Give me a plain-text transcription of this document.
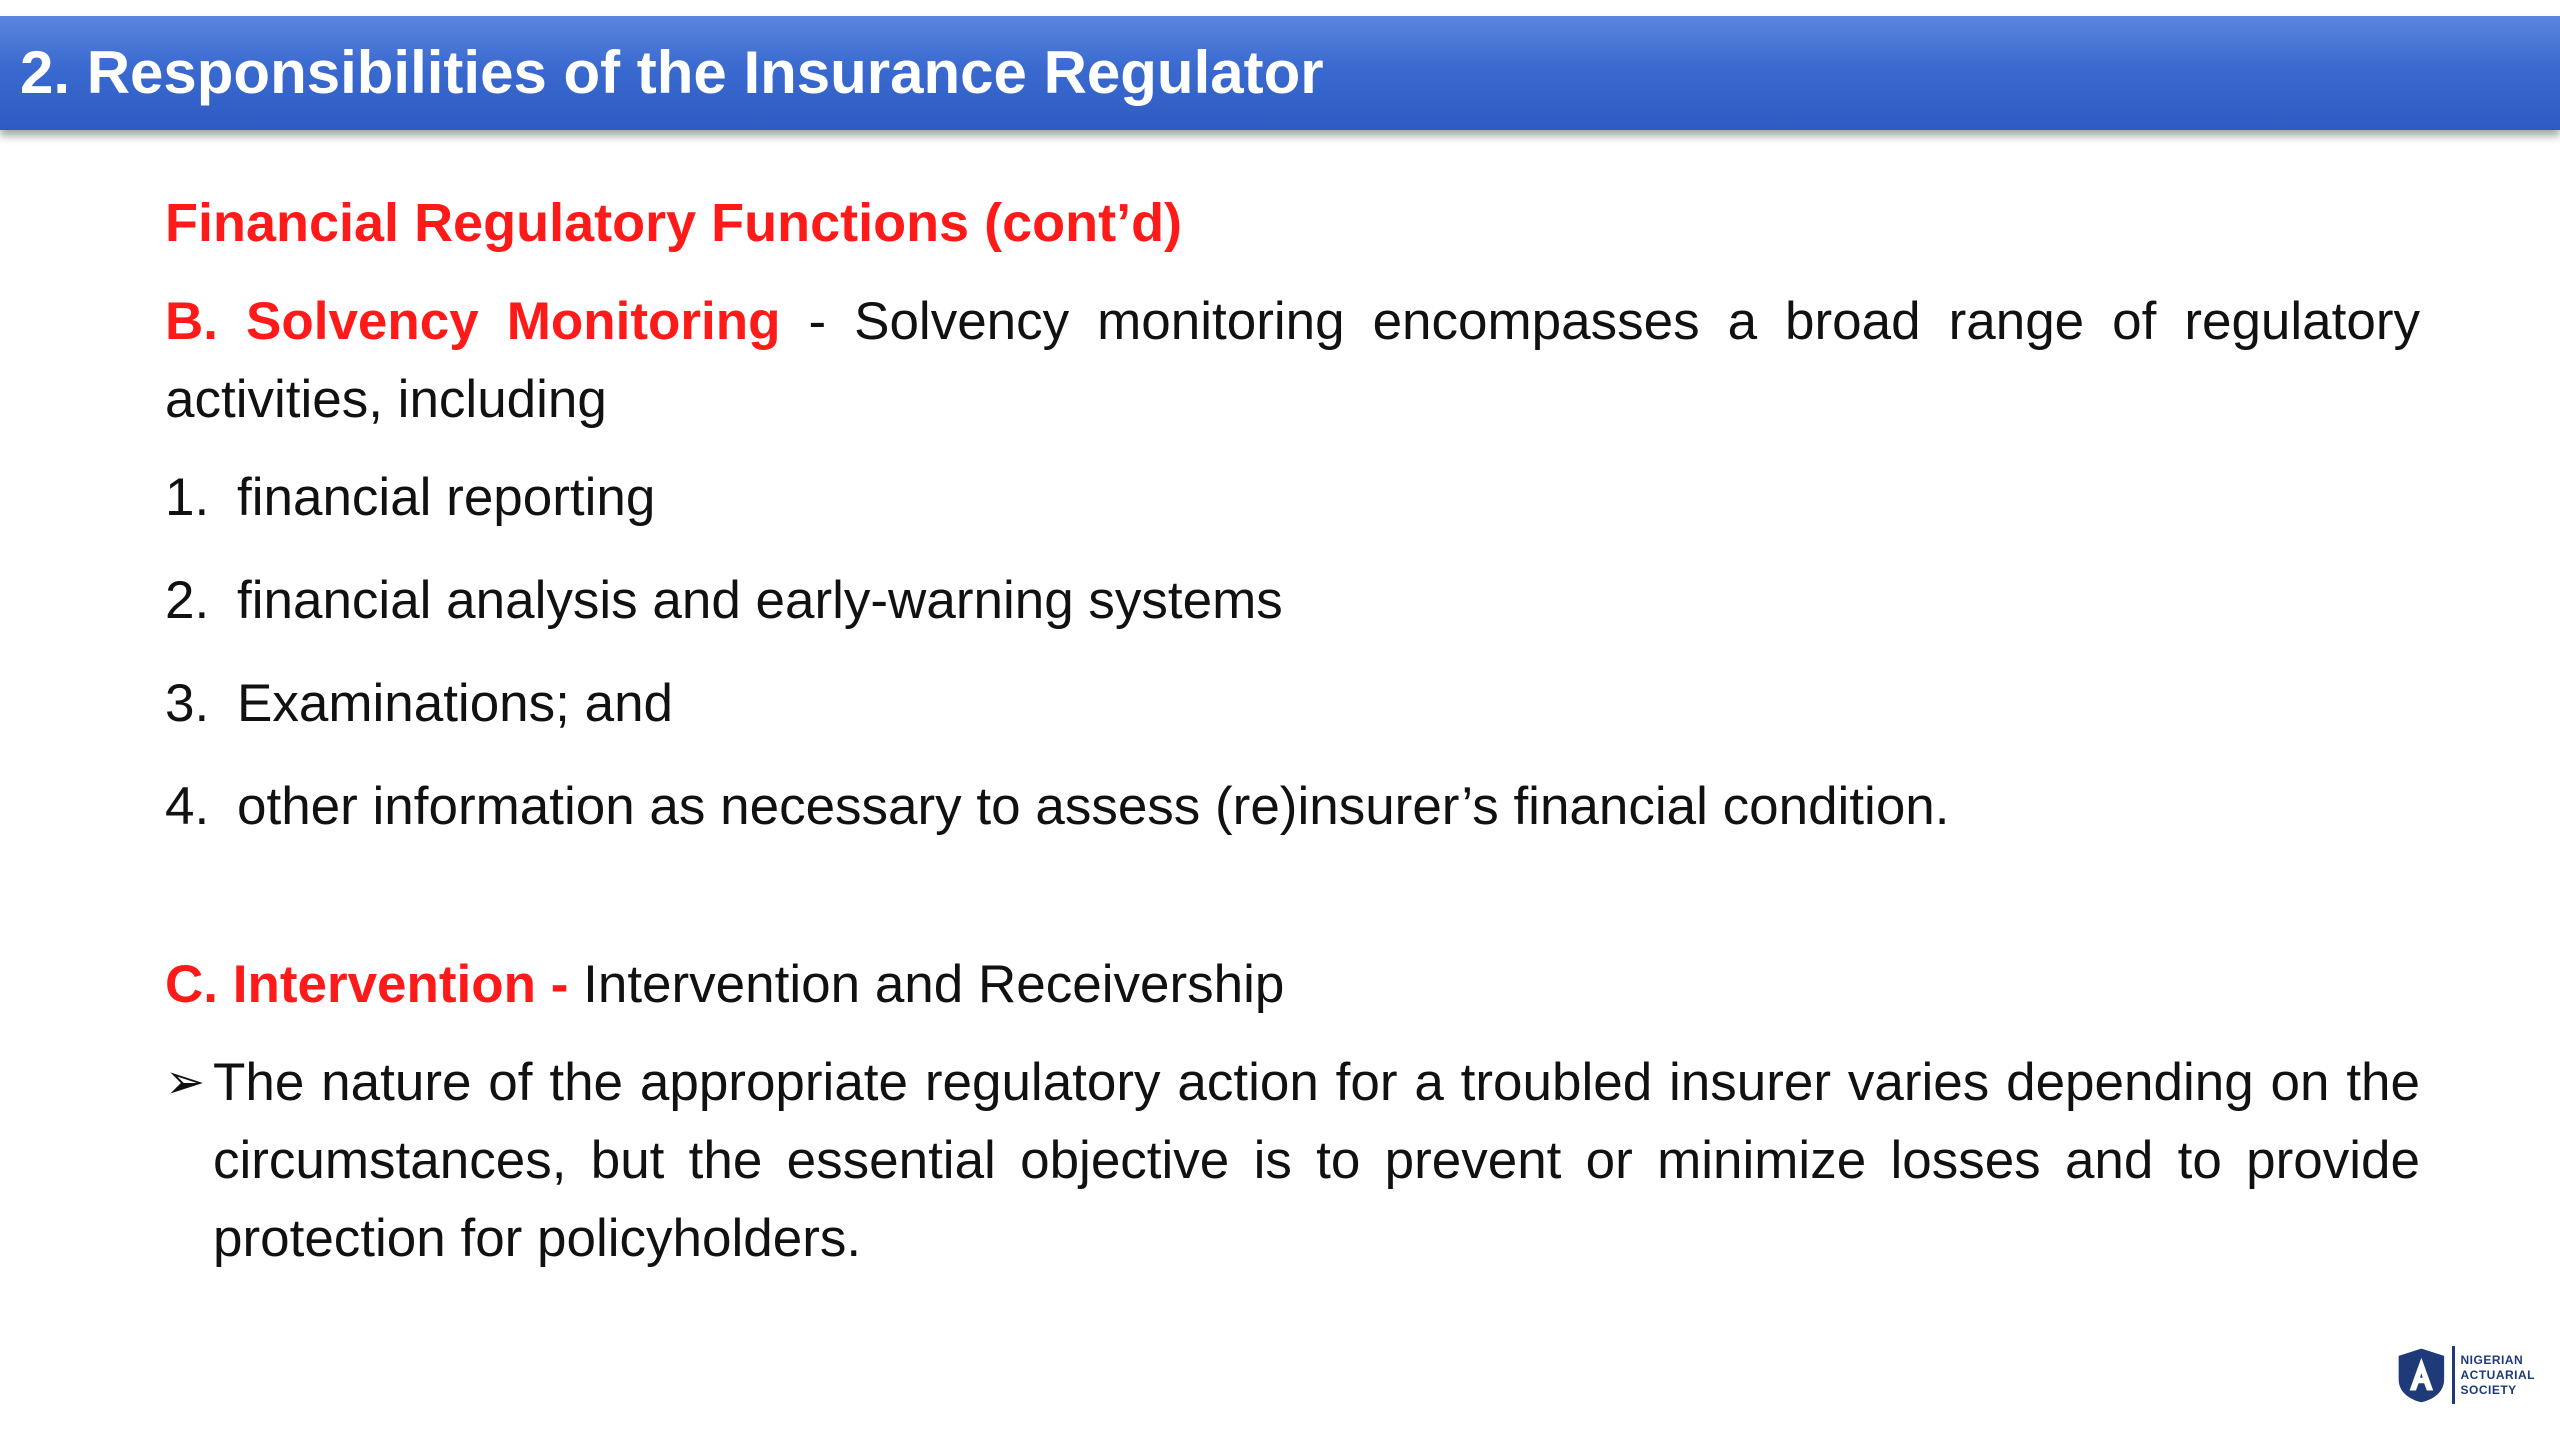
2. Responsibilities of the Insurance Regulator
Financial Regulatory Functions (cont’d)

B. Solvency Monitoring - Solvency monitoring encompasses a broad range of regulatory activities, including

1. financial reporting
2. financial analysis and early-warning systems
3. Examinations; and
4. other information as necessary to assess (re)insurer’s financial condition.

C. Intervention - Intervention and Receivership

➢ The nature of the appropriate regulatory action for a troubled insurer varies depending on the circumstances, but the essential objective is to prevent or minimize losses and to provide protection for policyholders.
NIGERIAN
ACTUARIAL
SOCIETY
